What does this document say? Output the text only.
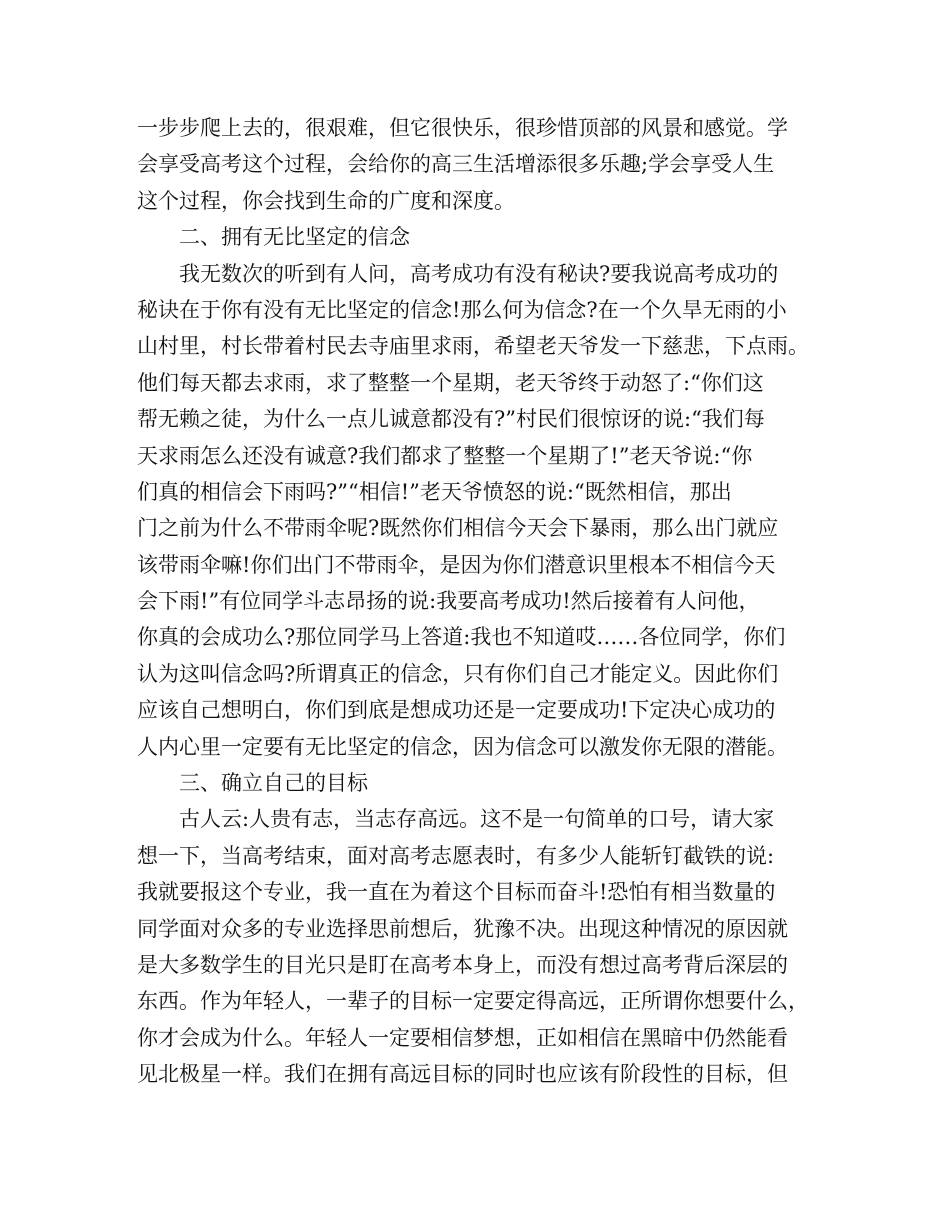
一步步爬上去的，很艰难，但它很快乐，很珍惜顶部的风景和感觉。学
会享受高考这个过程，会给你的高三生活增添很多乐趣;学会享受人生
这个过程，你会找到生命的广度和深度。
二、拥有无比坚定的信念
我无数次的听到有人问，高考成功有没有秘诀?要我说高考成功的
秘诀在于你有没有无比坚定的信念!那么何为信念?在一个久旱无雨的小
山村里，村长带着村民去寺庙里求雨，希望老天爷发一下慈悲，下点雨。
他们每天都去求雨，求了整整一个星期，老天爷终于动怒了:“你们这
帮无赖之徒，为什么一点儿诚意都没有?”村民们很惊讶的说:“我们每
天求雨怎么还没有诚意?我们都求了整整一个星期了!”老天爷说:“你
们真的相信会下雨吗?”“相信!”老天爷愤怒的说:“既然相信，那出
门之前为什么不带雨伞呢?既然你们相信今天会下暴雨，那么出门就应
该带雨伞嘛!你们出门不带雨伞，是因为你们潜意识里根本不相信今天
会下雨!”有位同学斗志昂扬的说:我要高考成功!然后接着有人问他，
你真的会成功么?那位同学马上答道:我也不知道哎……各位同学，你们
认为这叫信念吗?所谓真正的信念，只有你们自己才能定义。因此你们
应该自己想明白，你们到底是想成功还是一定要成功!下定决心成功的
人内心里一定要有无比坚定的信念，因为信念可以激发你无限的潜能。
三、确立自己的目标
古人云:人贵有志，当志存高远。这不是一句简单的口号，请大家
想一下，当高考结束，面对高考志愿表时，有多少人能斩钉截铁的说:
我就要报这个专业，我一直在为着这个目标而奋斗!恐怕有相当数量的
同学面对众多的专业选择思前想后，犹豫不决。出现这种情况的原因就
是大多数学生的目光只是盯在高考本身上，而没有想过高考背后深层的
东西。作为年轻人，一辈子的目标一定要定得高远，正所谓你想要什么，
你才会成为什么。年轻人一定要相信梦想，正如相信在黑暗中仍然能看
见北极星一样。我们在拥有高远目标的同时也应该有阶段性的目标，但
